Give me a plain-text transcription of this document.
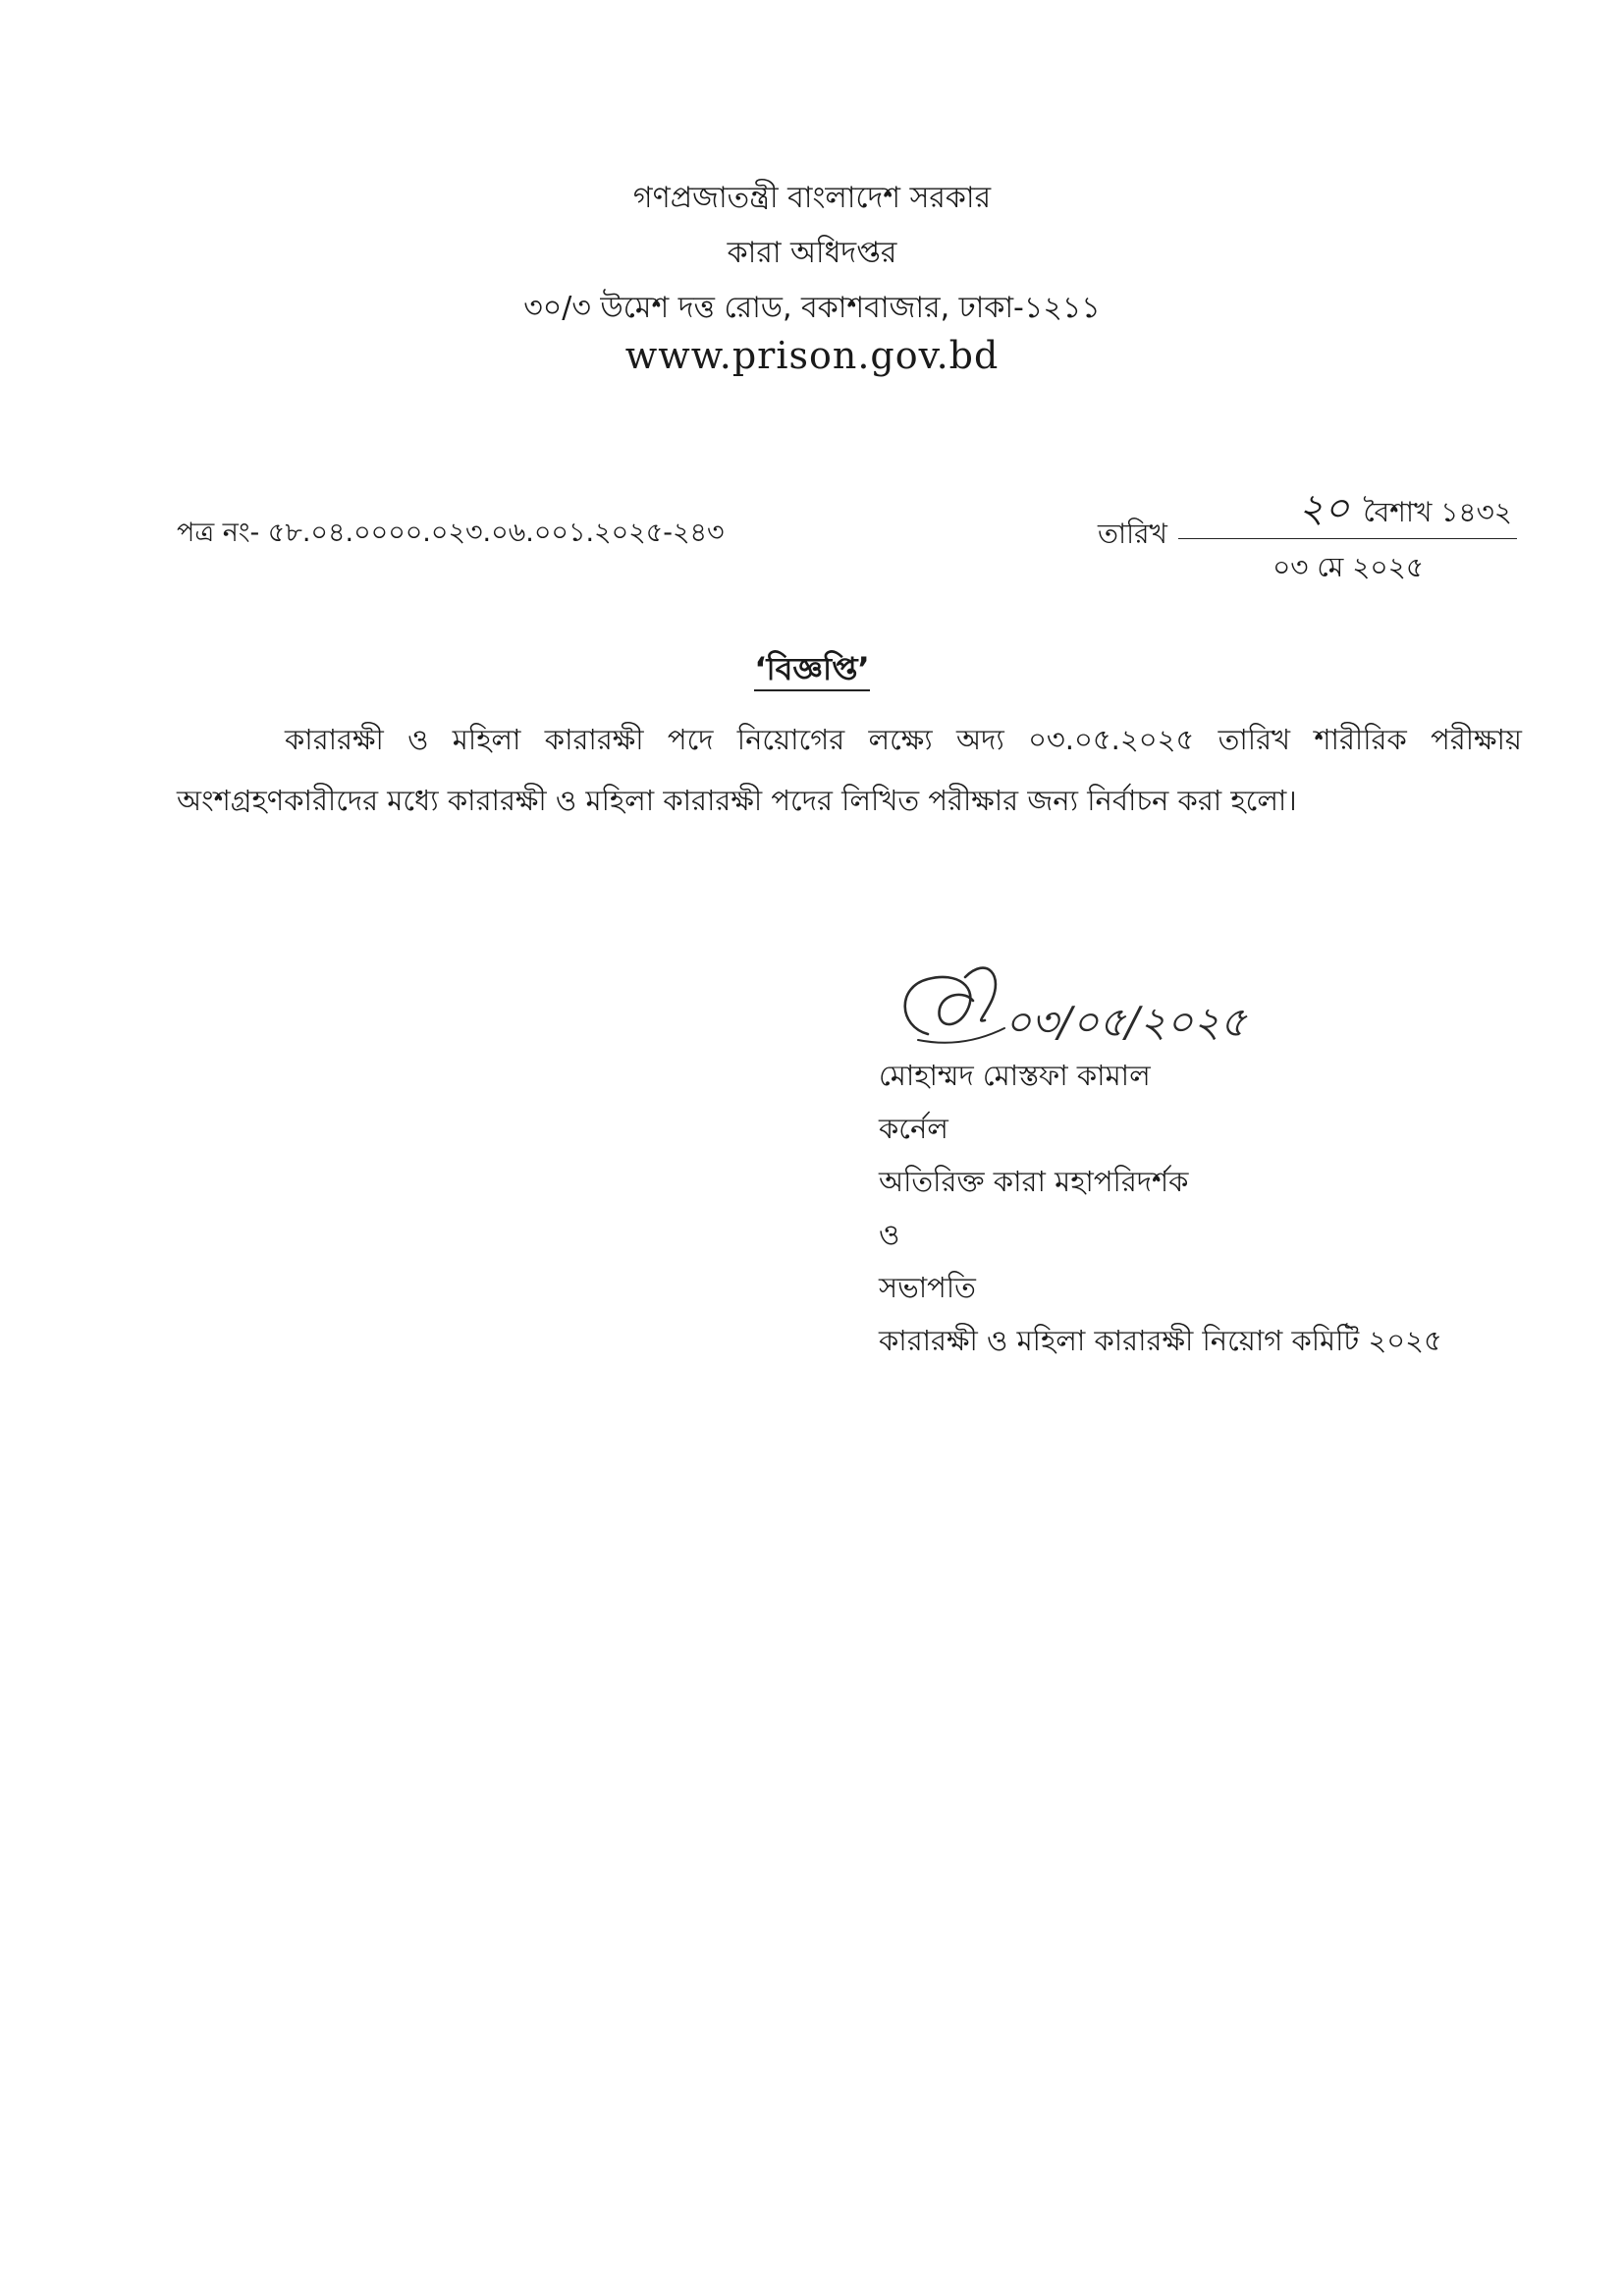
গণপ্রজাতন্ত্রী বাংলাদেশ সরকার
কারা অধিদপ্তর
৩০/৩ উমেশ দত্ত রোড, বকাশবাজার, ঢাকা-১২১১
www.prison.gov.bd
পত্র নং- ৫৮.০৪.০০০০.০২৩.০৬.০০১.২০২৫-২৪৩	তারিখ
২০ বৈশাখ ১৪৩২
০৩ মে ২০২৫
‘বিজ্ঞপ্তি’
কারারক্ষী ও মহিলা কারারক্ষী পদে নিয়োগের লক্ষ্যে অদ্য ০৩.০৫.২০২৫ তারিখ শারীরিক পরীক্ষায় অংশগ্রহণকারীদের মধ্যে কারারক্ষী ও মহিলা কারারক্ষী পদের লিখিত পরীক্ষার জন্য নির্বাচন করা হলো।
০৩/০৫/২০২৫
মোহাম্মদ মোস্তফা কামাল
কর্নেল
অতিরিক্ত কারা মহাপরিদর্শক
ও
সভাপতি
কারারক্ষী ও মহিলা কারারক্ষী নিয়োগ কমিটি ২০২৫
